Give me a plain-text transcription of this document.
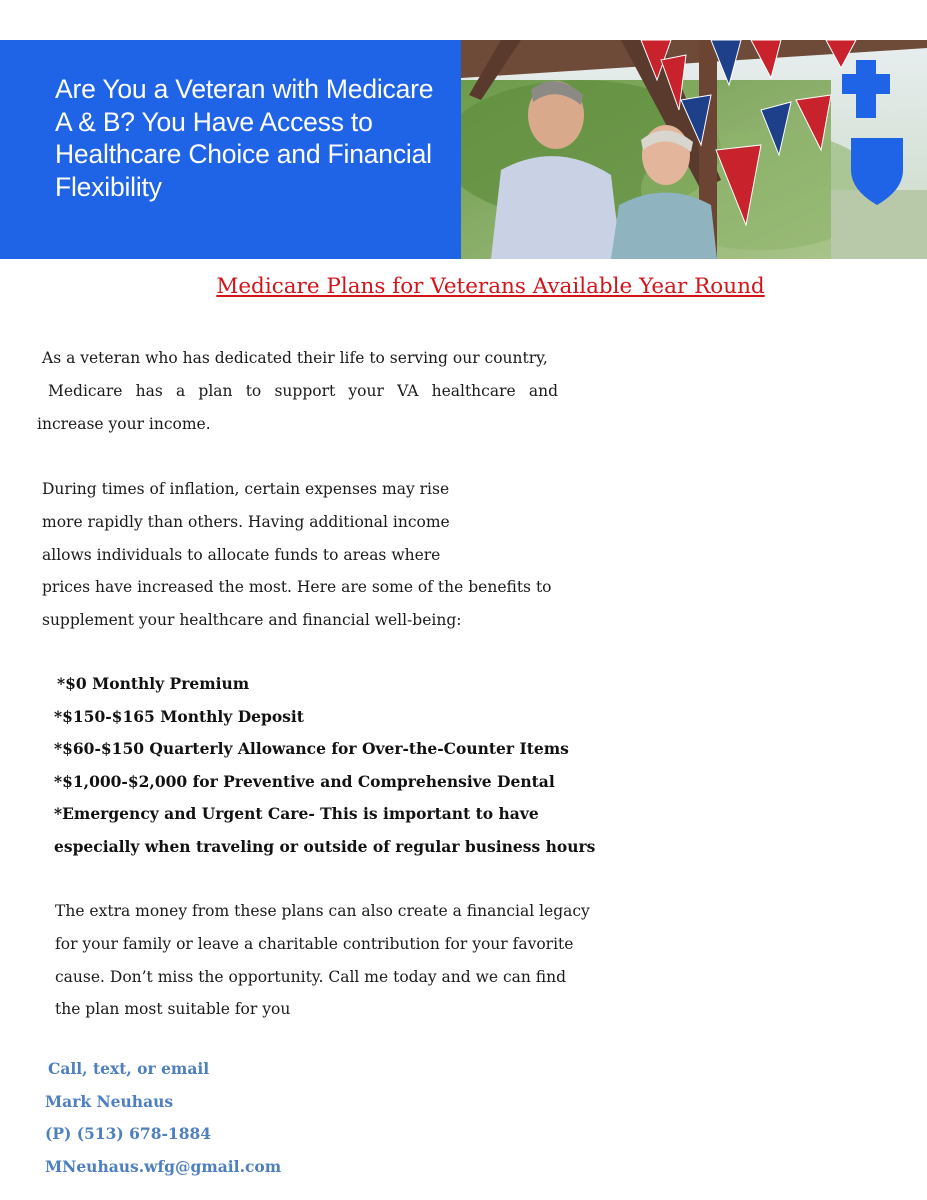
Are You a Veteran with Medicare A & B? You Have Access to Healthcare Choice and Financial Flexibility
Medicare Plans for Veterans Available Year Round

As a veteran who has dedicated their life to serving our country,

Medicare has a plan to support your VA healthcare and

increase your income.

During times of inflation, certain expenses may rise

more rapidly than others. Having additional income

allows individuals to allocate funds to areas where

prices have increased the most. Here are some of the benefits to

supplement your healthcare and financial well-being:

*$0 Monthly Premium
*$150-$165 Monthly Deposit
*$60-$150 Quarterly Allowance for Over-the-Counter Items
*$1,000-$2,000 for Preventive and Comprehensive Dental
*Emergency and Urgent Care- This is important to have
especially when traveling or outside of regular business hours

The extra money from these plans can also create a financial legacy

for your family or leave a charitable contribution for your favorite

cause. Don’t miss the opportunity. Call me today and we can find

the plan most suitable for you

Call, text, or email
Mark Neuhaus
(P) (513) 678-1884
MNeuhaus.wfg@gmail.com
